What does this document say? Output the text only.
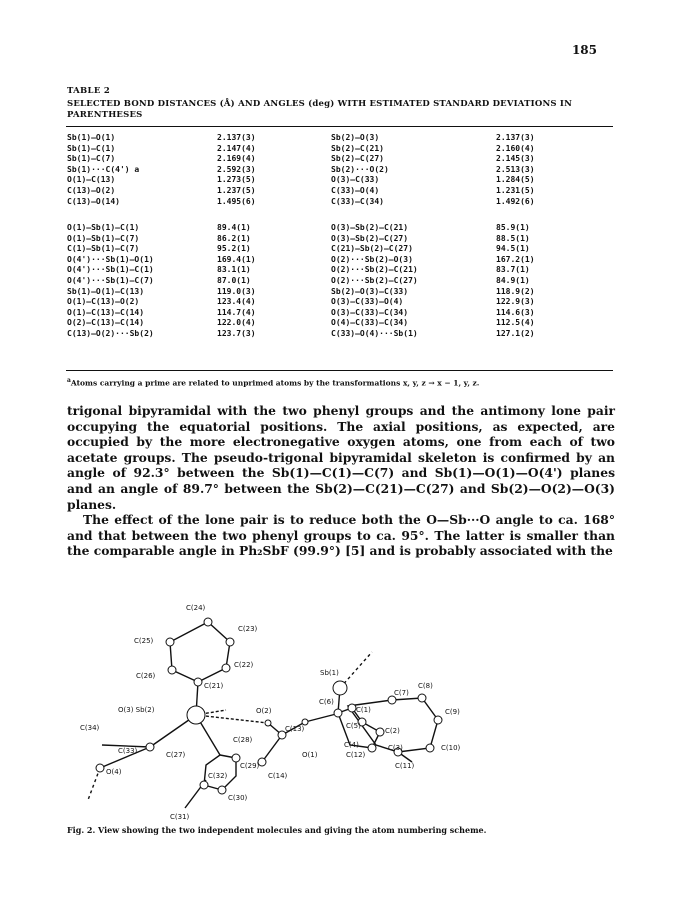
185
TABLE 2
SELECTED BOND DISTANCES (Å) AND ANGLES (deg) WITH ESTIMATED STANDARD DEVIATIONS IN PARENTHESES
Sb(1)—O(1)	2.137(3)	Sb(2)—O(3)	2.137(3)
Sb(1)—C(1)	2.147(4)	Sb(2)—C(21)	2.160(4)
Sb(1)—C(7)	2.169(4)	Sb(2)—C(27)	2.145(3)
Sb(1)···C(4') a	2.592(3)	Sb(2)···O(2)	2.513(3)
O(1)—C(13)	1.273(5)	O(3)—C(33)	1.284(5)
C(13)—O(2)	1.237(5)	C(33)—O(4)	1.231(5)
C(13)—O(14)	1.495(6)	C(33)—C(34)	1.492(6)
O(1)—Sb(1)—C(1)	89.4(1)	O(3)—Sb(2)—C(21)	85.9(1)
O(1)—Sb(1)—C(7)	86.2(1)	O(3)—Sb(2)—C(27)	88.5(1)
C(1)—Sb(1)—C(7)	95.2(1)	C(21)—Sb(2)—C(27)	94.5(1)
O(4')···Sb(1)—O(1)	169.4(1)	O(2)···Sb(2)—O(3)	167.2(1)
O(4')···Sb(1)—C(1)	83.1(1)	O(2)···Sb(2)—C(21)	83.7(1)
O(4')···Sb(1)—C(7)	87.0(1)	O(2)···Sb(2)—C(27)	84.9(1)
Sb(1)—O(1)—C(13)	119.0(3)	Sb(2)—O(3)—C(33)	118.9(2)
O(1)—C(13)—O(2)	123.4(4)	O(3)—C(33)—O(4)	122.9(3)
O(1)—C(13)—C(14)	114.7(4)	O(3)—C(33)—C(34)	114.6(3)
O(2)—C(13)—C(14)	122.0(4)	O(4)—C(33)—C(34)	112.5(4)
C(13)—O(2)···Sb(2)	123.7(3)	C(33)—O(4)···Sb(1)	127.1(2)
$^a$Atoms carrying a prime are related to unprimed atoms by the transformations x, y, z → x − 1, y, z.

trigonal bipyramidal with the two phenyl groups and the antimony lone pair occupying the equatorial positions. The axial positions, as expected, are occupied by the more electronegative oxygen atoms, one from each of two acetate groups. The pseudo-trigonal bipyramidal skeleton is confirmed by an angle of 92.3° between the Sb(1)—C(1)—C(7) and Sb(1)—O(1)—O(4') planes and an angle of 89.7° between the Sb(2)—C(21)—C(27) and Sb(2)—O(2)—O(3) planes.

The effect of the lone pair is to reduce both the O—Sb···O angle to ca. 168° and that between the two phenyl groups to ca. 95°. The latter is smaller than the comparable angle in Ph₂SbF (99.9°) [5] and is probably associated with the

C(24)
C(23)
C(25)
C(22)
C(26)
C(21)
Sb(1)
C(8)
C(6)
C(7)
C(9)
O(3) Sb(2)	O(2)	C(1)
C(5)
C(34)
C(28)
C(13)	C(2)
C(10)
C(4)	C(3)
C(33)	C(27)	O(1)	C(12)
C(29)	C(11)
O(4)	C(14)
C(32)
C(30)
C(31)
Fig. 2. View showing the two independent molecules and giving the atom numbering scheme.
